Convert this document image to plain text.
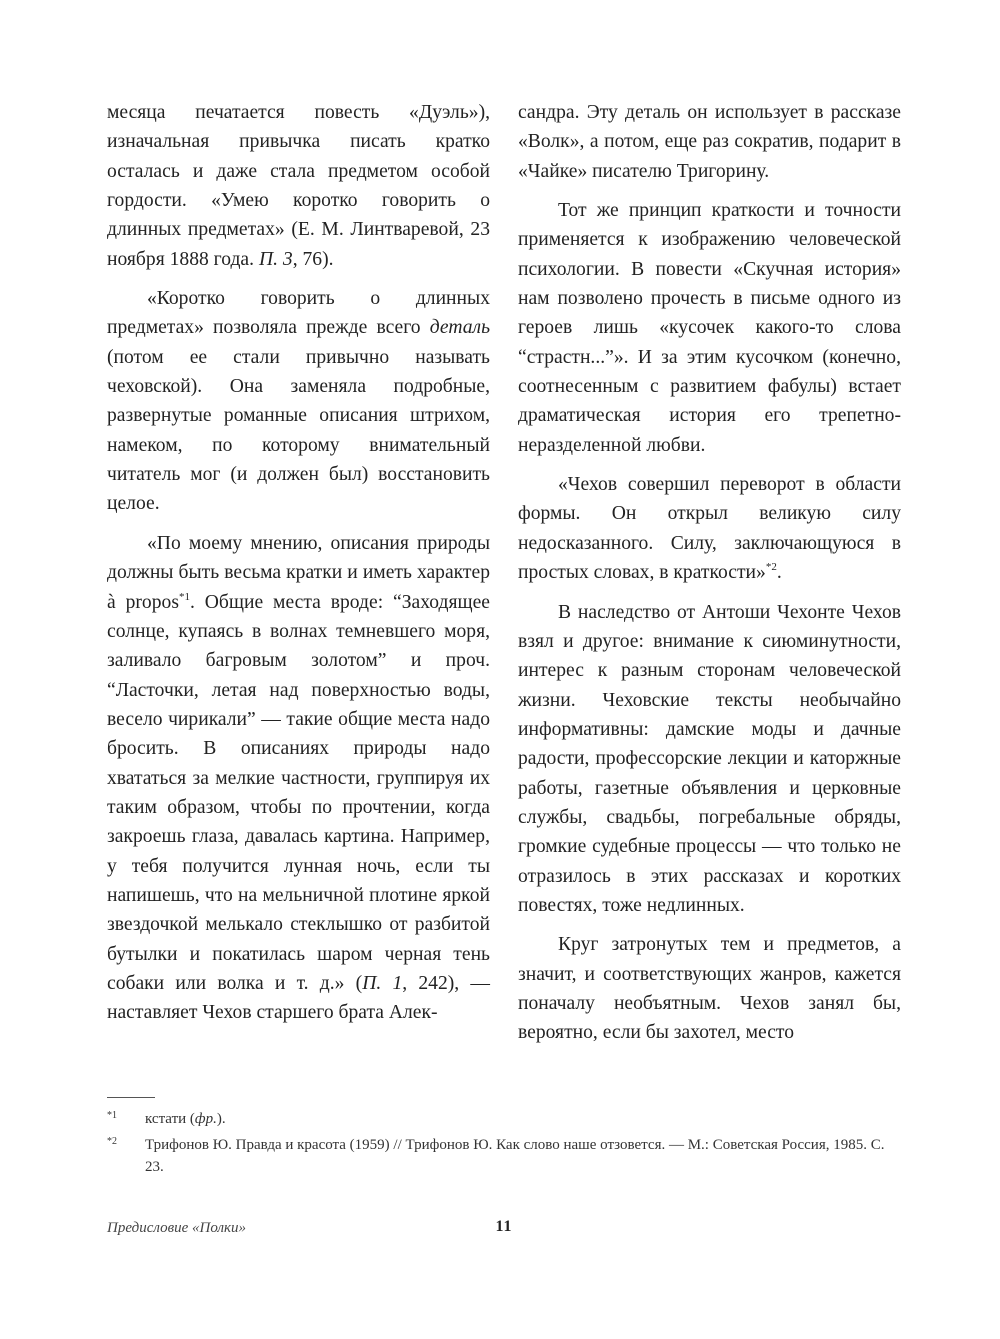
месяца печатается повесть «Дуэль»), изначальная привычка писать кратко осталась и даже стала предметом особой гордости. «Умею коротко говорить о длинных предметах» (Е. М. Линтваревой, 23 ноября 1888 года. П. 3, 76).

«Коротко говорить о длинных предметах» позволяла прежде всего деталь (потом ее стали привычно называть чеховской). Она заменяла подробные, развернутые романные описания штрихом, намеком, по которому внимательный читатель мог (и должен был) восстановить целое.

«По моему мнению, описания природы должны быть весьма кратки и иметь характер à propos$^{*1}$. Общие места вроде: “Заходящее солнце, купаясь в волнах темневшего моря, заливало багровым золотом” и проч. “Ласточки, летая над поверхностью воды, весело чирикали” — такие общие места надо бросить. В описаниях природы надо хвататься за мелкие частности, группируя их таким образом, чтобы по прочтении, когда закроешь глаза, давалась картина. Например, у тебя получится лунная ночь, если ты напишешь, что на мельничной плотине яркой звездочкой мелькало стеклышко от разбитой бутылки и покатилась шаром черная тень собаки или волка и т. д.» (П. 1, 242), — наставляет Чехов старшего брата Алек-

сандра. Эту деталь он использует в рассказе «Волк», а потом, еще раз сократив, подарит в «Чайке» писателю Тригорину.

Тот же принцип краткости и точности применяется к изображению человеческой психологии. В повести «Скучная история» нам позволено прочесть в письме одного из героев лишь «кусочек какого-то слова “страстн...”». И за этим кусочком (конечно, соотнесенным с развитием фабулы) встает драматическая история его трепетно-неразделенной любви.

«Чехов совершил переворот в области формы. Он открыл великую силу недосказанного. Силу, заключающуюся в простых словах, в краткости»$^{*2}$.

В наследство от Антоши Чехонте Чехов взял и другое: внимание к сиюминутности, интерес к разным сторонам человеческой жизни. Чеховские тексты необычайно информативны: дамские моды и дачные радости, профессорские лекции и каторжные работы, газетные объявления и церковные службы, свадьбы, погребальные обряды, громкие судебные процессы — что только не отразилось в этих рассказах и коротких повестях, тоже недлинных.

Круг затронутых тем и предметов, а значит, и соответствующих жанров, кажется поначалу необъятным. Чехов занял бы, вероятно, если бы захотел, место

*1 кстати (фр.).
*2 Трифонов Ю. Правда и красота (1959) // Трифонов Ю. Как слово наше отзовется. — М.: Советская Россия, 1985. С. 23.
Предисловие «Полки»	11
